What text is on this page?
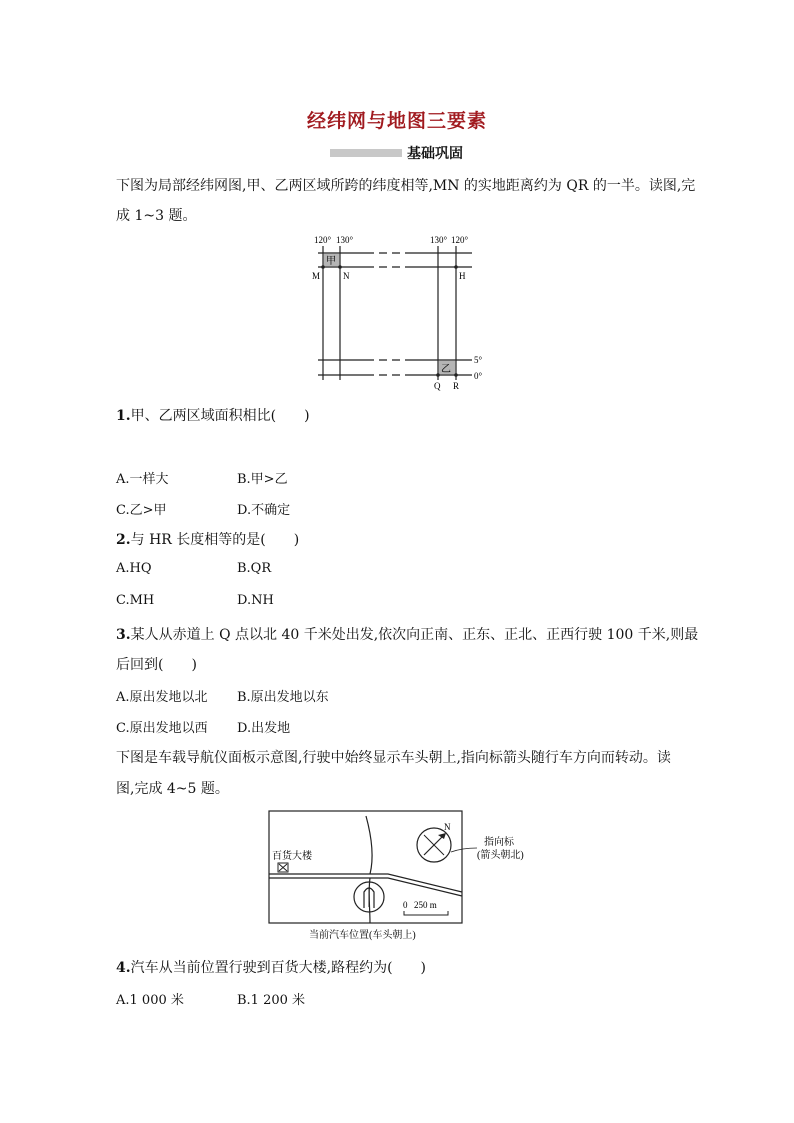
经纬网与地图三要素
基础巩固
下图为局部经纬网图,甲、乙两区域所跨的纬度相等,MN 的实地距离约为 QR 的一半。读图,完
成 1~3 题。
120° 130°	130° 120°
甲
乙
M	N	H
Q R
5°
0°
1.甲、乙两区域面积相比(　　)
A.一样大	B.甲>乙
C.乙>甲	D.不确定
2.与 HR 长度相等的是(　　)
A.HQ	B.QR
C.MH	D.NH
3.某人从赤道上 Q 点以北 40 千米处出发,依次向正南、正东、正北、正西行驶 100 千米,则最
后回到(　　)
A.原出发地以北 B.原出发地以东
C.原出发地以西 D.出发地
下图是车载导航仪面板示意图,行驶中始终显示车头朝上,指向标箭头随行车方向而转动。读
图,完成 4~5 题。
百货大楼
N
指向标
(箭头朝北)
0 250 m
当前汽车位置(车头朝上)
4.汽车从当前位置行驶到百货大楼,路程约为(　　)
A.1 000 米	B.1 200 米
